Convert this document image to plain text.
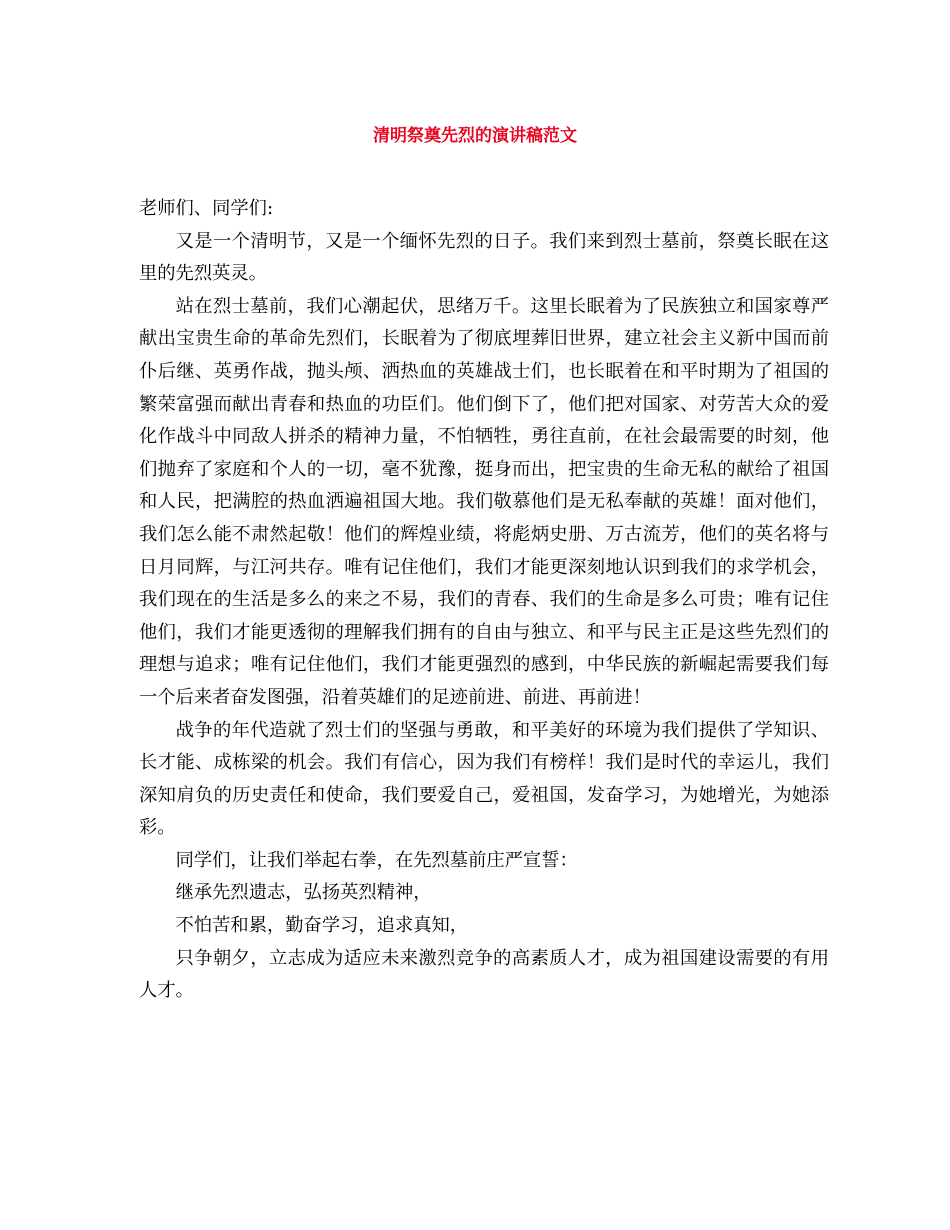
清明祭奠先烈的演讲稿范文

老师们、同学们:

又是一个清明节，又是一个缅怀先烈的日子。我们来到烈士墓前，祭奠长眠在这里的先烈英灵。

站在烈士墓前，我们心潮起伏，思绪万千。这里长眠着为了民族独立和国家尊严献出宝贵生命的革命先烈们，长眠着为了彻底埋葬旧世界，建立社会主义新中国而前仆后继、英勇作战，抛头颅、洒热血的英雄战士们，也长眠着在和平时期为了祖国的繁荣富强而献出青春和热血的功臣们。他们倒下了，他们把对国家、对劳苦大众的爱化作战斗中同敌人拼杀的精神力量，不怕牺牲，勇往直前，在社会最需要的时刻，他们抛弃了家庭和个人的一切，毫不犹豫，挺身而出，把宝贵的生命无私的献给了祖国和人民，把满腔的热血洒遍祖国大地。我们敬慕他们是无私奉献的英雄！面对他们，我们怎么能不肃然起敬！他们的辉煌业绩，将彪炳史册、万古流芳，他们的英名将与日月同辉，与江河共存。唯有记住他们，我们才能更深刻地认识到我们的求学机会，我们现在的生活是多么的来之不易，我们的青春、我们的生命是多么可贵；唯有记住他们，我们才能更透彻的理解我们拥有的自由与独立、和平与民主正是这些先烈们的理想与追求；唯有记住他们，我们才能更强烈的感到，中华民族的新崛起需要我们每一个后来者奋发图强，沿着英雄们的足迹前进、前进、再前进！

战争的年代造就了烈士们的坚强与勇敢，和平美好的环境为我们提供了学知识、长才能、成栋梁的机会。我们有信心，因为我们有榜样！我们是时代的幸运儿，我们深知肩负的历史责任和使命，我们要爱自己，爱祖国，发奋学习，为她增光，为她添彩。

同学们，让我们举起右拳，在先烈墓前庄严宣誓：

继承先烈遗志，弘扬英烈精神，

不怕苦和累，勤奋学习，追求真知，

只争朝夕，立志成为适应未来激烈竞争的高素质人才，成为祖国建设需要的有用人才。
